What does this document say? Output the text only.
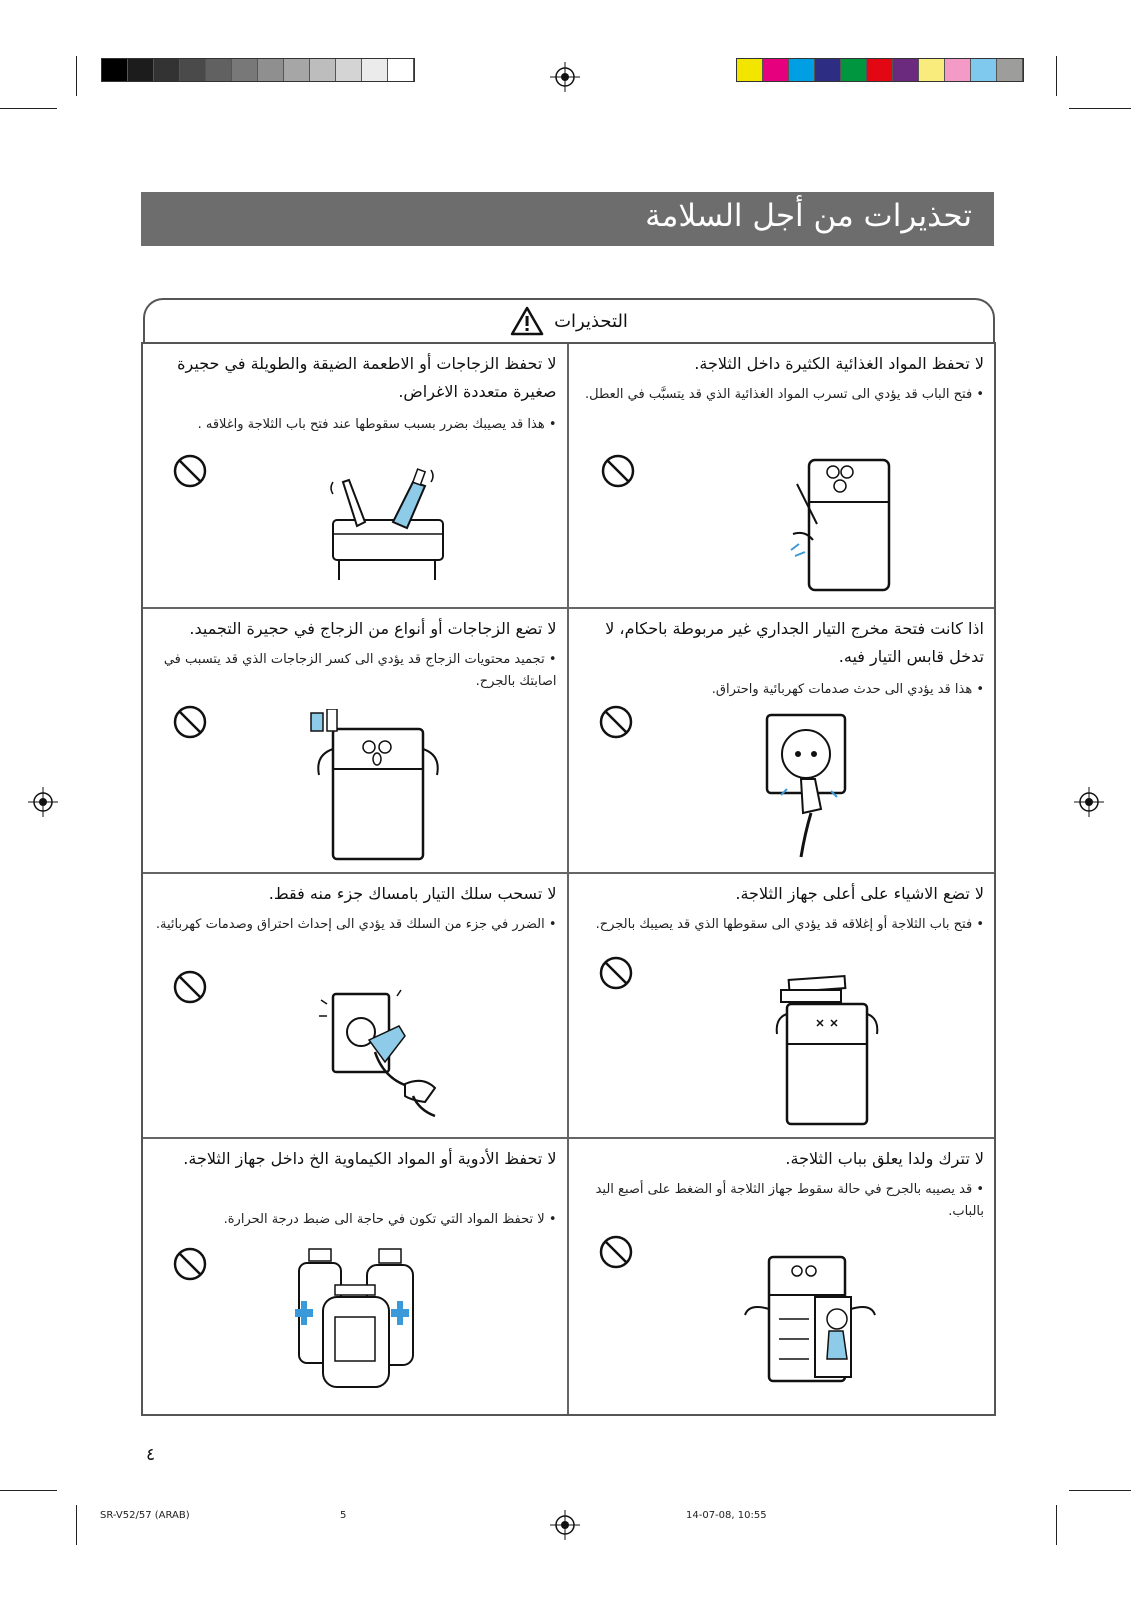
تحذيرات من أجل السلامة
التحذيرات
لا تحفظ الزجاجات أو الاطعمة الضيقة والطويلة في حجيرة صغيرة متعددة الاغراض.
• هذا قد يصيبك بضرر بسبب سقوطها عند فتح باب الثلاجة واغلاقه .
لا تحفظ المواد الغذائية الكثيرة داخل الثلاجة.
• فتح الباب قد يؤدي الى تسرب المواد الغذائية الذي قد يتسبَّب في العطل.
لا تضع الزجاجات أو أنواع من الزجاج في حجيرة التجميد.
• تجميد محتويات الزجاج قد يؤدي الى كسر الزجاجات الذي قد يتسبب في اصابتك بالجرح.
اذا كانت فتحة مخرج التيار الجداري غير مربوطة باحكام، لا تدخل قابس التيار فيه.
• هذا قد يؤدي الى حدث صدمات كهربائية واحتراق.
لا تسحب سلك التيار بامساك جزء منه فقط.
• الضرر في جزء من السلك قد يؤدي الى إحداث احتراق وصدمات كهربائية.
لا تضع الاشياء على أعلى جهاز الثلاجة.
• فتح باب الثلاجة أو إغلاقه قد يؤدي الى سقوطها الذي قد يصيبك بالجرح.
لا تحفظ الأدوية أو المواد الكيماوية الخ داخل جهاز الثلاجة.
• لا تحفظ المواد التي تكون في حاجة الى ضبط درجة الحرارة.
لا تترك ولدا يعلق بباب الثلاجة.
• قد يصيبه بالجرح في حالة سقوط جهاز الثلاجة أو الضغط على أصبع اليد بالباب.
٤
SR-V52/57 (ARAB)	5	14-07-08, 10:55
